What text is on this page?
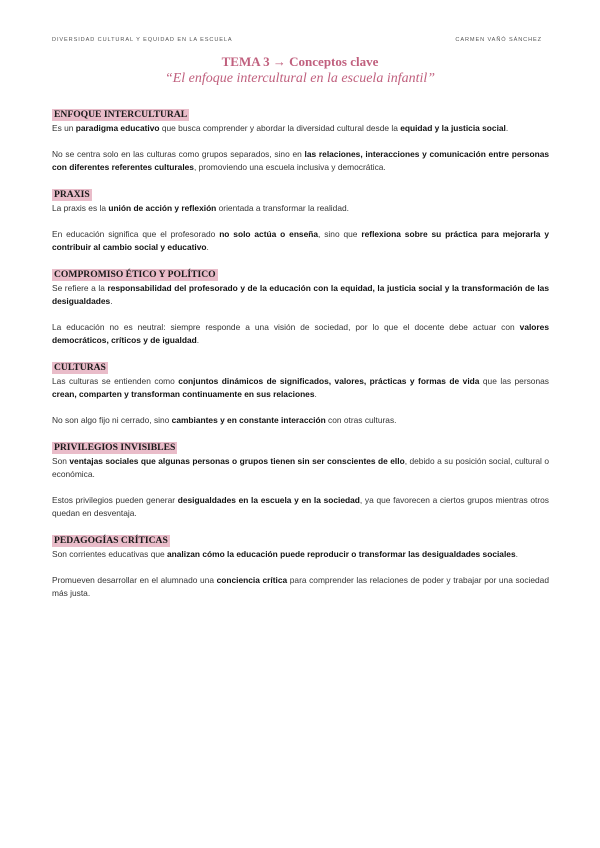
DIVERSIDAD CULTURAL Y EQUIDAD EN LA ESCUELA	CARMEN VAÑÓ SÁNCHEZ
TEMA 3 → Conceptos clave
“El enfoque intercultural en la escuela infantil”
ENFOQUE INTERCULTURAL

Es un paradigma educativo que busca comprender y abordar la diversidad cultural desde la equidad y la justicia social.

No se centra solo en las culturas como grupos separados, sino en las relaciones, interacciones y comunicación entre personas con diferentes referentes culturales, promoviendo una escuela inclusiva y democrática.

PRAXIS

La praxis es la unión de acción y reflexión orientada a transformar la realidad.

En educación significa que el profesorado no solo actúa o enseña, sino que reflexiona sobre su práctica para mejorarla y contribuir al cambio social y educativo.

COMPROMISO ÉTICO Y POLÍTICO

Se refiere a la responsabilidad del profesorado y de la educación con la equidad, la justicia social y la transformación de las desigualdades.

La educación no es neutral: siempre responde a una visión de sociedad, por lo que el docente debe actuar con valores democráticos, críticos y de igualdad.

CULTURAS

Las culturas se entienden como conjuntos dinámicos de significados, valores, prácticas y formas de vida que las personas crean, comparten y transforman continuamente en sus relaciones.

No son algo fijo ni cerrado, sino cambiantes y en constante interacción con otras culturas.

PRIVILEGIOS INVISIBLES

Son ventajas sociales que algunas personas o grupos tienen sin ser conscientes de ello, debido a su posición social, cultural o económica.

Estos privilegios pueden generar desigualdades en la escuela y en la sociedad, ya que favorecen a ciertos grupos mientras otros quedan en desventaja.

PEDAGOGÍAS CRÍTICAS

Son corrientes educativas que analizan cómo la educación puede reproducir o transformar las desigualdades sociales.

Promueven desarrollar en el alumnado una conciencia crítica para comprender las relaciones de poder y trabajar por una sociedad más justa.
